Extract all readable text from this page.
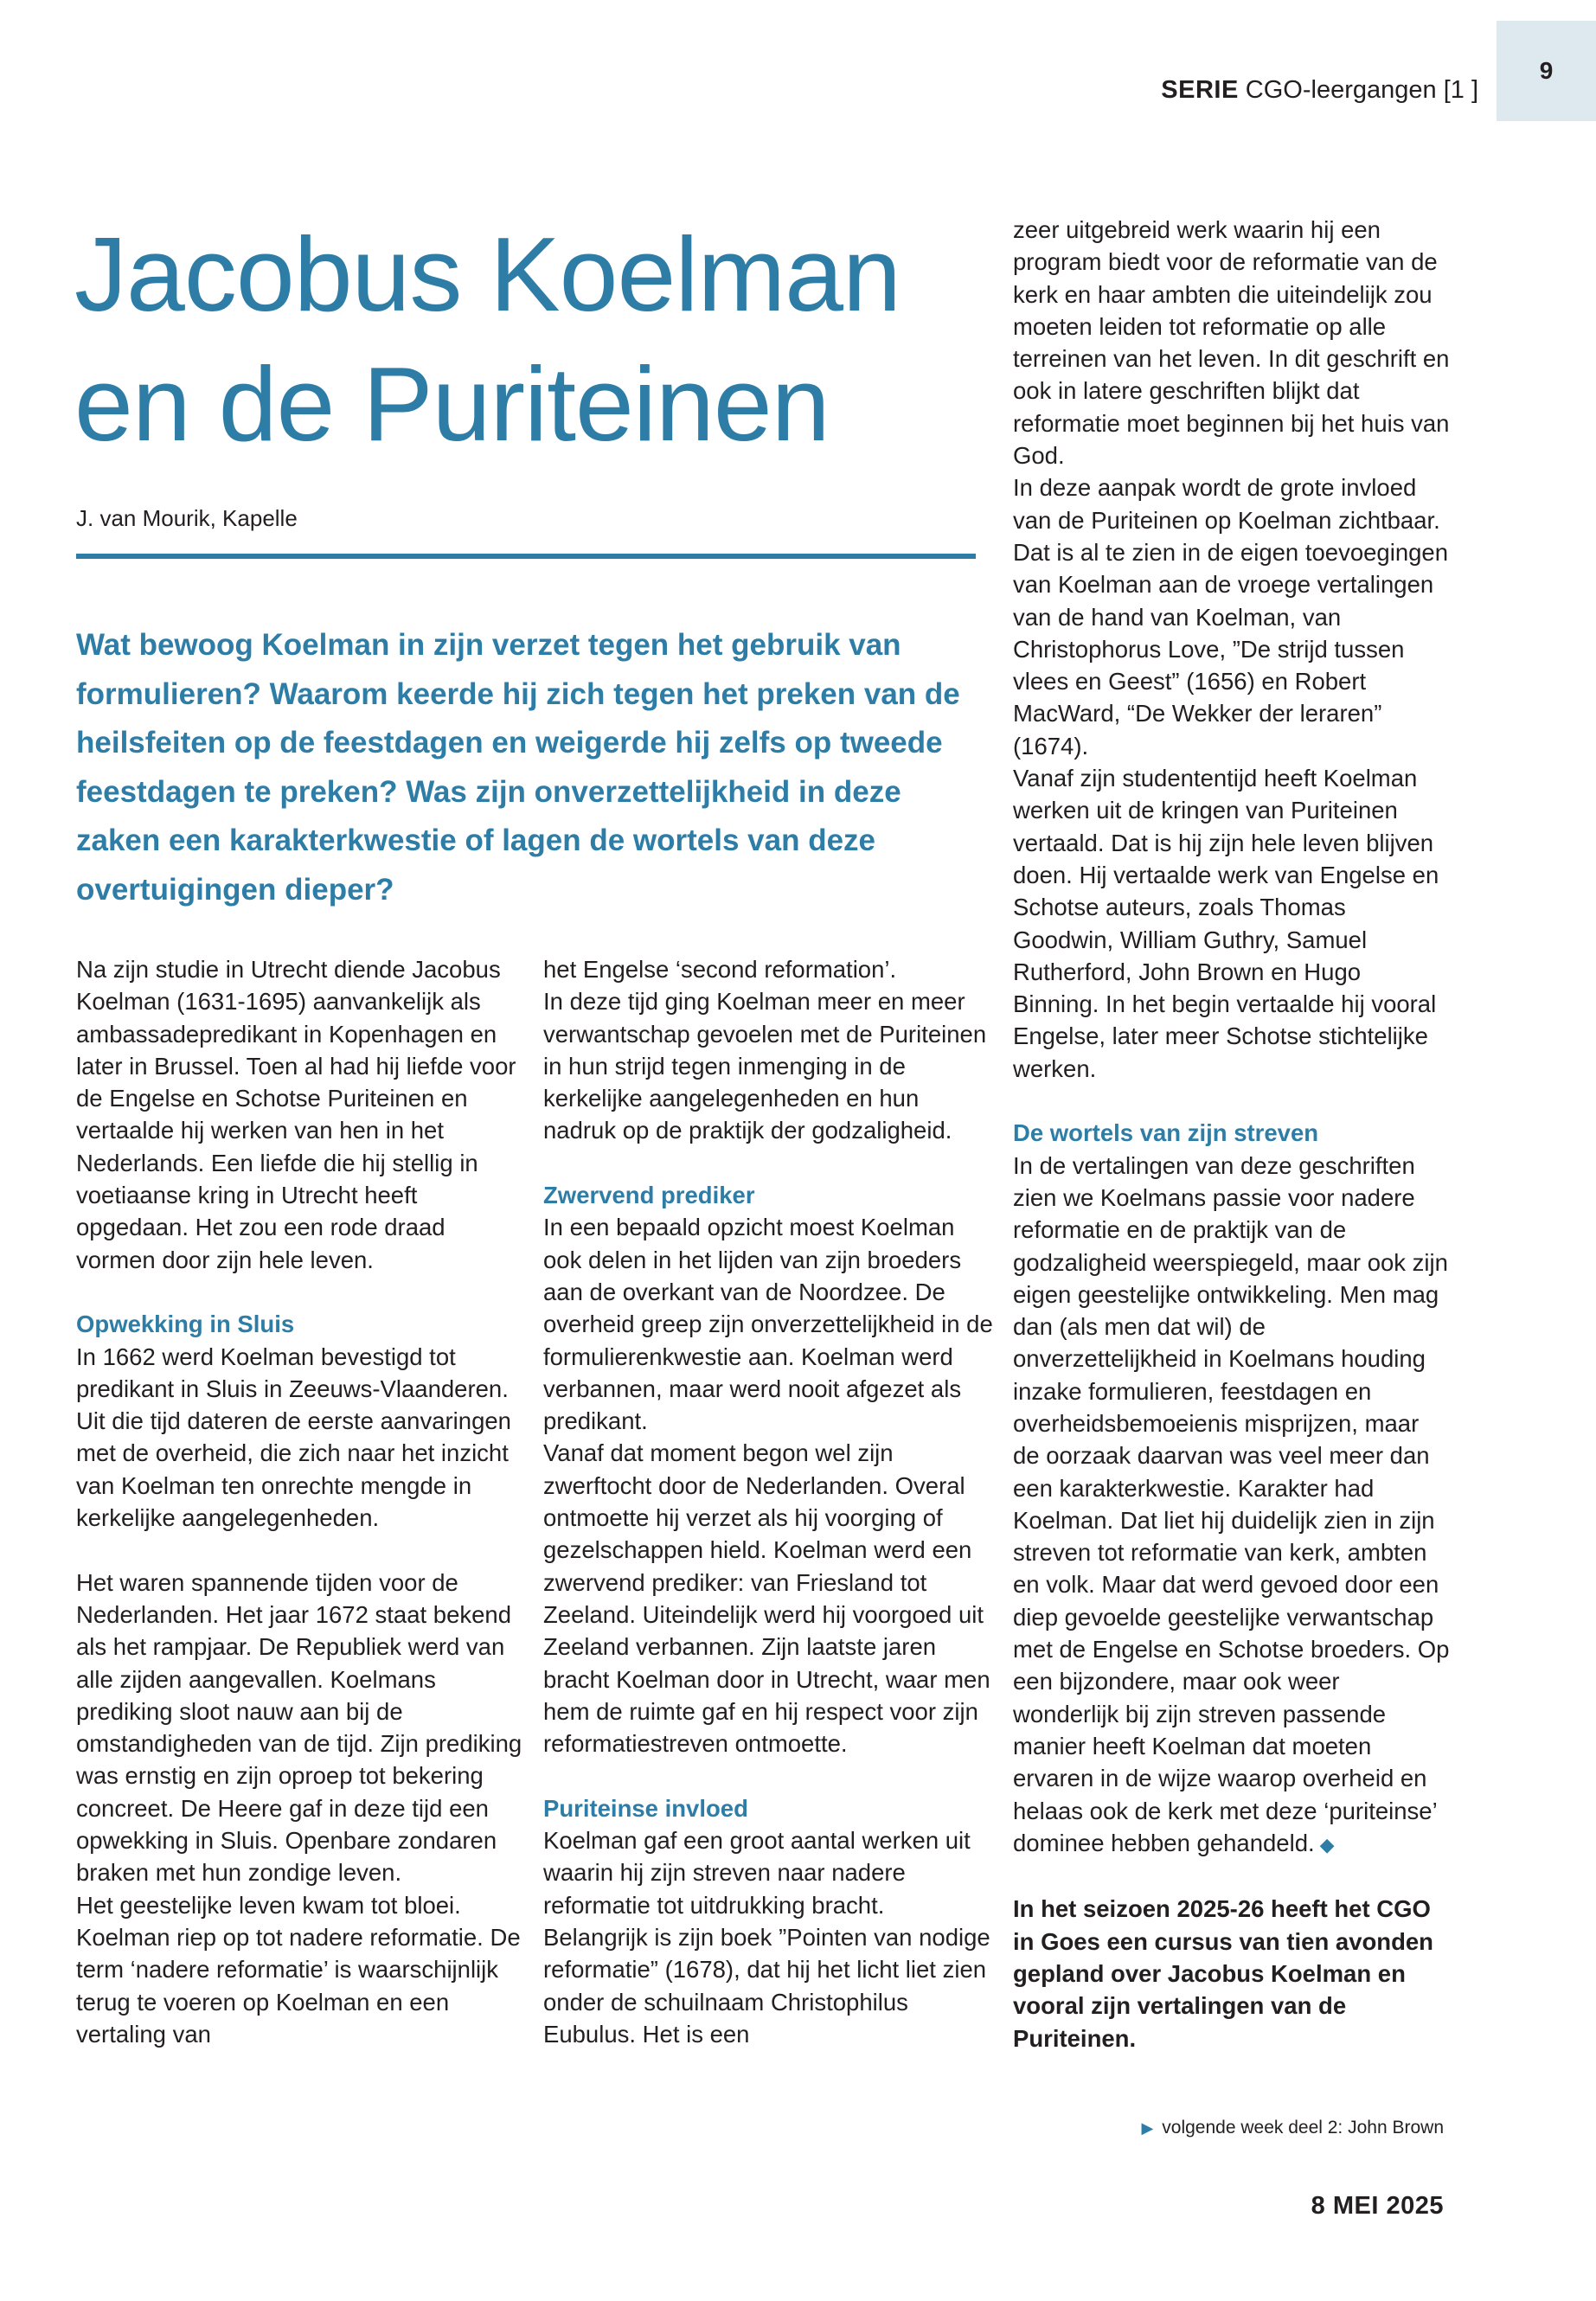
9
SERIE CGO-leergangen [1 ]
Jacobus Koelman
en de Puriteinen
J. van Mourik, Kapelle

Wat bewoog Koelman in zijn verzet tegen het gebruik van formulieren? Waarom keerde hij zich tegen het preken van de heilsfeiten op de feestdagen en weigerde hij zelfs op tweede feestdagen te preken? Was zijn onverzettelijkheid in deze zaken een karakterkwestie of lagen de wortels van deze overtuigingen dieper?

Na zijn studie in Utrecht diende Jacobus Koelman (1631-1695) aanvankelijk als ambassadepredikant in Kopenhagen en later in Brussel. Toen al had hij liefde voor de Engelse en Schotse Puriteinen en vertaalde hij werken van hen in het Nederlands. Een liefde die hij stellig in voetiaanse kring in Utrecht heeft opgedaan. Het zou een rode draad vormen door zijn hele leven.

Opwekking in Sluis

In 1662 werd Koelman bevestigd tot predikant in Sluis in Zeeuws-Vlaanderen. Uit die tijd dateren de eerste aanvaringen met de overheid, die zich naar het inzicht van Koelman ten onrechte mengde in kerkelijke aangelegenheden.

Het waren spannende tijden voor de Nederlanden. Het jaar 1672 staat bekend als het rampjaar. De Republiek werd van alle zijden aangevallen. Koelmans prediking sloot nauw aan bij de omstandigheden van de tijd. Zijn prediking was ernstig en zijn oproep tot bekering concreet. De Heere gaf in deze tijd een opwekking in Sluis. Openbare zondaren braken met hun zondige leven.

Het geestelijke leven kwam tot bloei. Koelman riep op tot nadere reformatie. De term ‘nadere reformatie’ is waarschijnlijk terug te voeren op Koelman en een vertaling van

het Engelse ‘second reformation’.

In deze tijd ging Koelman meer en meer verwantschap gevoelen met de Puriteinen in hun strijd tegen inmenging in de kerkelijke aangelegenheden en hun nadruk op de praktijk der godzaligheid.

Zwervend prediker

In een bepaald opzicht moest Koelman ook delen in het lijden van zijn broeders aan de overkant van de Noordzee. De overheid greep zijn onverzettelijkheid in de formulierenkwestie aan. Koelman werd verbannen, maar werd nooit afgezet als predikant.

Vanaf dat moment begon wel zijn zwerftocht door de Nederlanden. Overal ontmoette hij verzet als hij voorging of gezelschappen hield. Koelman werd een zwervend prediker: van Friesland tot Zeeland. Uiteindelijk werd hij voorgoed uit Zeeland verbannen. Zijn laatste jaren bracht Koelman door in Utrecht, waar men hem de ruimte gaf en hij respect voor zijn reformatiestreven ontmoette.

Puriteinse invloed

Koelman gaf een groot aantal werken uit waarin hij zijn streven naar nadere reformatie tot uitdrukking bracht. Belangrijk is zijn boek ”Pointen van nodige reformatie” (1678), dat hij het licht liet zien onder de schuilnaam Christophilus Eubulus. Het is een

zeer uitgebreid werk waarin hij een program biedt voor de reformatie van de kerk en haar ambten die uiteindelijk zou moeten leiden tot reformatie op alle terreinen van het leven. In dit geschrift en ook in latere geschriften blijkt dat reformatie moet beginnen bij het huis van God.

In deze aanpak wordt de grote invloed van de Puriteinen op Koelman zichtbaar. Dat is al te zien in de eigen toevoegingen van Koelman aan de vroege vertalingen van de hand van Koelman, van Christophorus Love, ”De strijd tussen vlees en Geest” (1656) en Robert MacWard, “De Wekker der leraren” (1674).

Vanaf zijn studententijd heeft Koelman werken uit de kringen van Puriteinen vertaald. Dat is hij zijn hele leven blijven doen. Hij vertaalde werk van Engelse en Schotse auteurs, zoals Thomas Goodwin, William Guthry, Samuel Rutherford, John Brown en Hugo Binning. In het begin vertaalde hij vooral Engelse, later meer Schotse stichtelijke werken.

De wortels van zijn streven

In de vertalingen van deze geschriften zien we Koelmans passie voor nadere reformatie en de praktijk van de godzaligheid weerspiegeld, maar ook zijn eigen geestelijke ontwikkeling. Men mag dan (als men dat wil) de onverzettelijkheid in Koelmans houding inzake formulieren, feestdagen en overheidsbemoeienis misprijzen, maar de oorzaak daarvan was veel meer dan een karakterkwestie. Karakter had Koelman. Dat liet hij duidelijk zien in zijn streven tot reformatie van kerk, ambten en volk. Maar dat werd gevoed door een diep gevoelde geestelijke verwantschap met de Engelse en Schotse broeders. Op een bijzondere, maar ook weer wonderlijk bij zijn streven passende manier heeft Koelman dat moeten ervaren in de wijze waarop overheid en helaas ook de kerk met deze ‘puriteinse’ dominee hebben gehandeld. ◆

In het seizoen 2025-26 heeft het CGO in Goes een cursus van tien avonden gepland over Jacobus Koelman en vooral zijn vertalingen van de Puriteinen.

▶ volgende week deel 2: John Brown
8 MEI 2025
